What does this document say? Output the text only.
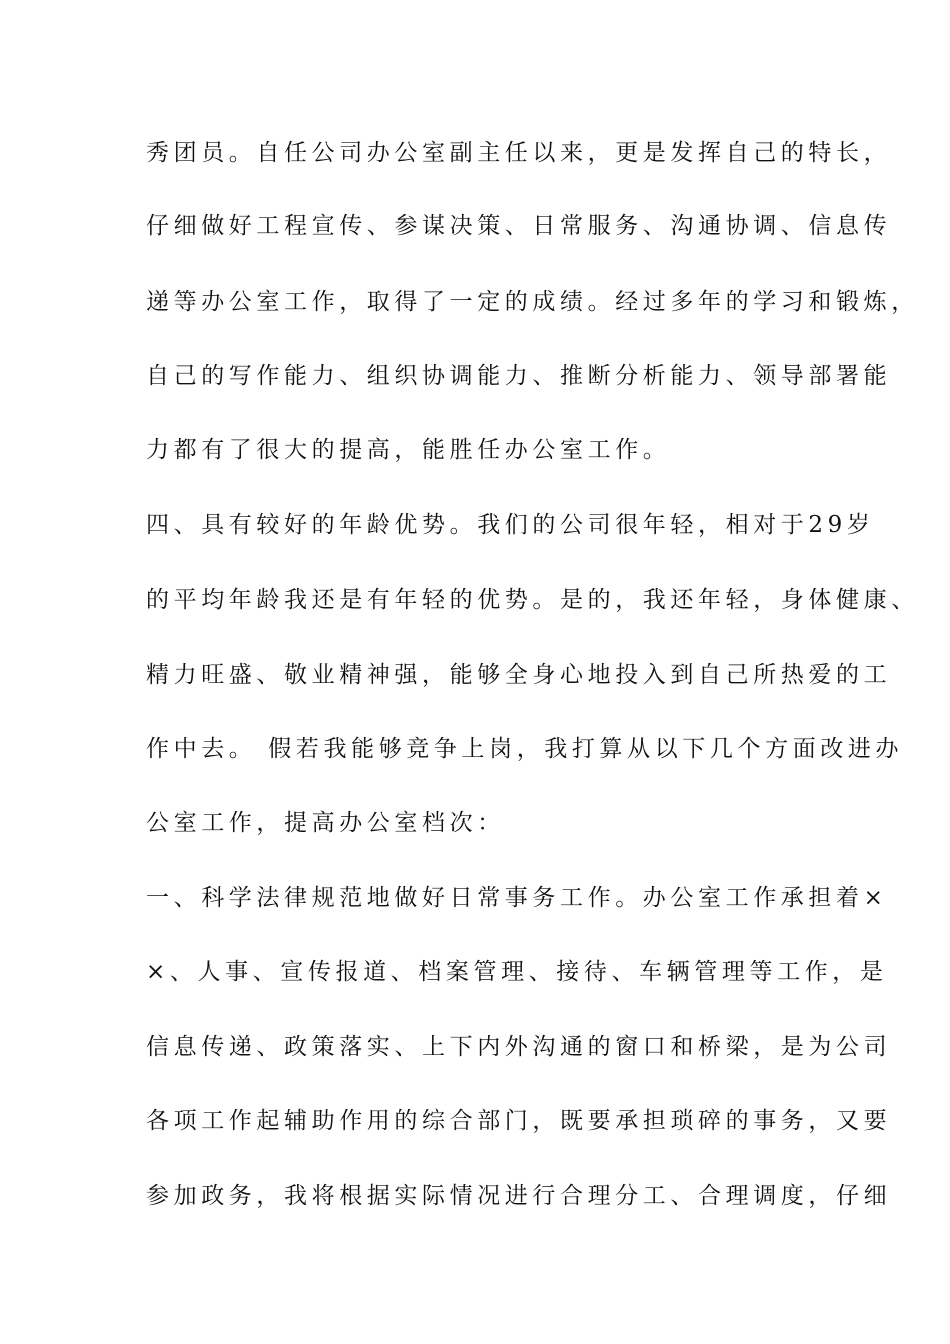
秀团员。自任公司办公室副主任以来，更是发挥自己的特长，
仔细做好工程宣传、参谋决策、日常服务、沟通协调、信息传
递等办公室工作，取得了一定的成绩。经过多年的学习和锻炼，
自己的写作能力、组织协调能力、推断分析能力、领导部署能
力都有了很大的提高，能胜任办公室工作。
四、具有较好的年龄优势。我们的公司很年轻，相对于29岁
的平均年龄我还是有年轻的优势。是的，我还年轻，身体健康、
精力旺盛、敬业精神强，能够全身心地投入到自己所热爱的工
作中去。 假若我能够竞争上岗，我打算从以下几个方面改进办
公室工作，提高办公室档次：
一、科学法律规范地做好日常事务工作。办公室工作承担着×
×、人事、宣传报道、档案管理、接待、车辆管理等工作，是
信息传递、政策落实、上下内外沟通的窗口和桥梁，是为公司
各项工作起辅助作用的综合部门，既要承担琐碎的事务，又要
参加政务，我将根据实际情况进行合理分工、合理调度，仔细
